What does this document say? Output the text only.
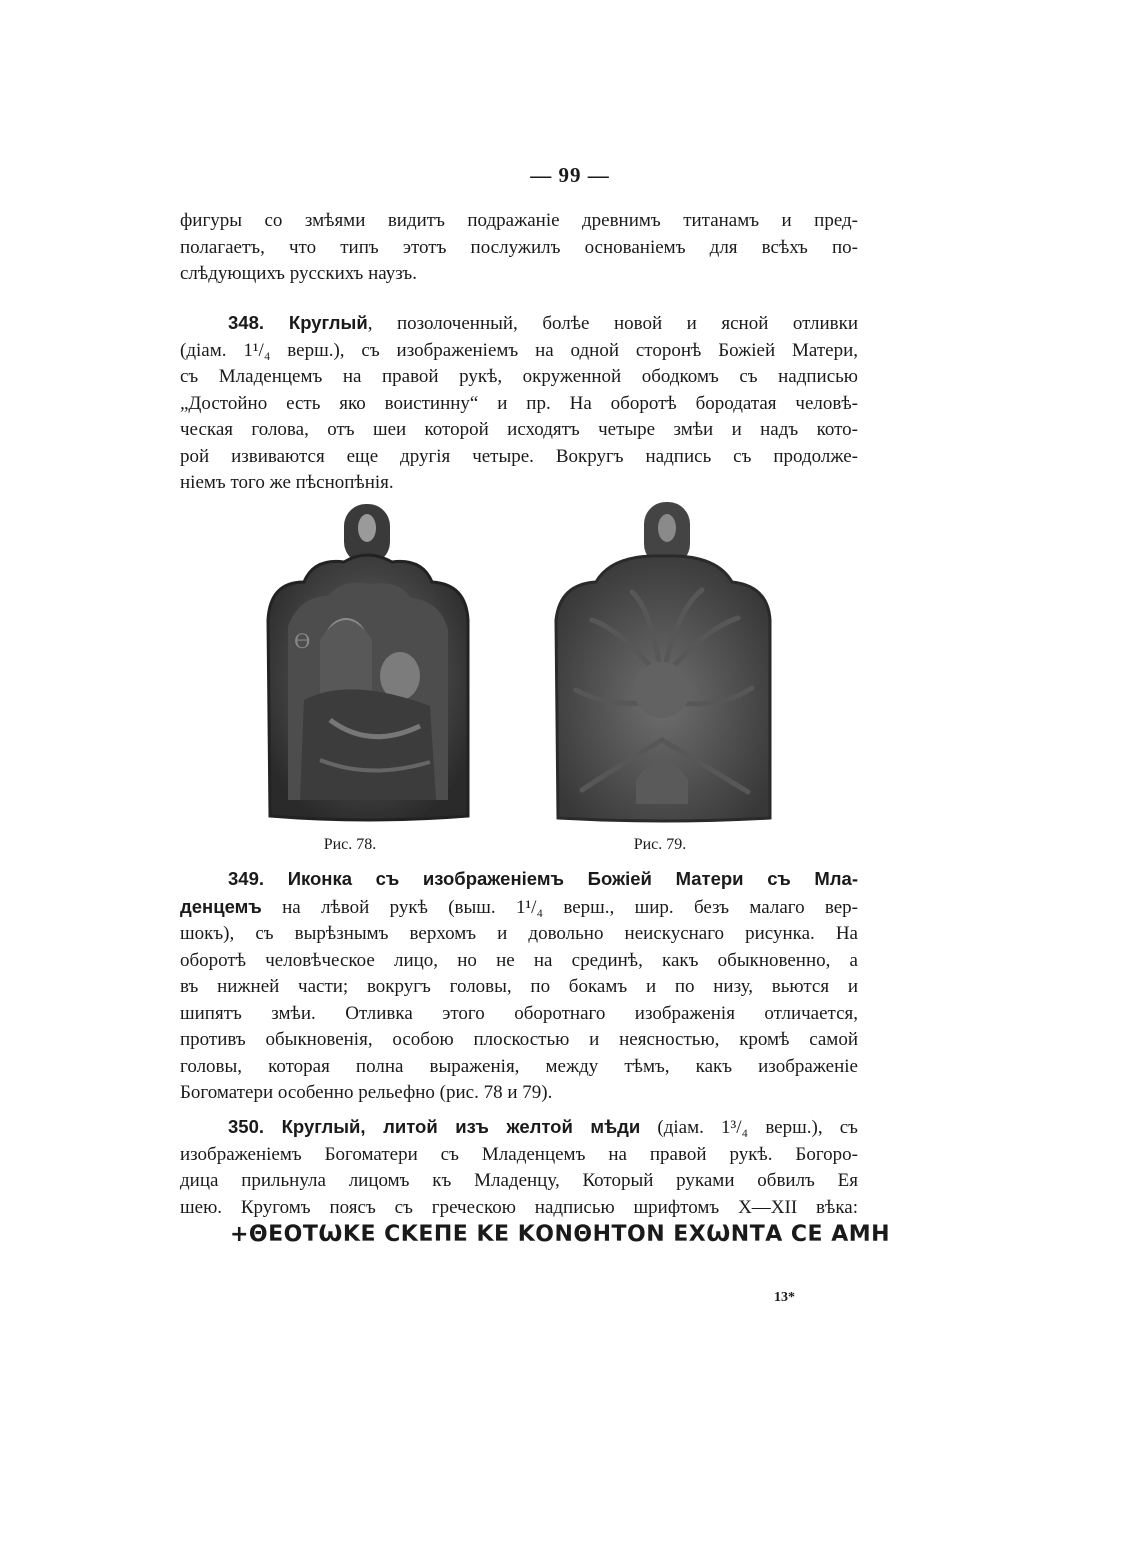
— 99 —
фигуры со змѣями видитъ подражаніе древнимъ титанамъ и пред-
полагаетъ, что типъ этотъ послужилъ основаніемъ для всѣхъ по-
слѣдующихъ русскихъ наузъ.
348. Круглый, позолоченный, болѣе новой и ясной отливки
(діам. 1¹/₄ верш.), съ изображеніемъ на одной сторонѣ Божіей Матери,
съ Младенцемъ на правой рукѣ, окруженной ободкомъ съ надписью
„Достойно есть яко воистинну“ и пр. На оборотѣ бородатая человѣ-
ческая голова, отъ шеи которой исходятъ четыре змѣи и надъ кото-
рой извиваются еще другія четыре. Вокругъ надпись съ продолже-
ніемъ того же пѣснопѣнія.
Ѳ
Рис. 78.	Рис. 79.
349. Иконка съ изображеніемъ Божіей Матери съ Мла-
денцемъ на лѣвой рукѣ (выш. 1¹/₄ верш., шир. безъ малаго вер-
шокъ), съ вырѣзнымъ верхомъ и довольно неискуснаго рисунка. На
оборотѣ человѣческое лицо, но не на срединѣ, какъ обыкновенно, а
въ нижней части; вокругъ головы, по бокамъ и по низу, вьются и
шипятъ змѣи. Отливка этого оборотнаго изображенія отличается,
противъ обыкновенія, особою плоскостью и неясностью, кромѣ самой
головы, которая полна выраженія, между тѣмъ, какъ изображеніе
Богоматери особенно рельефно (рис. 78 и 79).
350. Круглый, литой изъ желтой мѣди (діам. 1³/₄ верш.), съ
изображеніемъ Богоматери съ Младенцемъ на правой рукѣ. Богоро-
дица прильнула лицомъ къ Младенцу, Который руками обвилъ Ея
шею. Кругомъ поясъ съ греческою надписью шрифтомъ X—XII вѣка:
+ΘΕΟΤѠΚΕ СΚΕΠΕ ΚΕ ΚΟΝΘΗΤΟΝ ΕΧѠΝΤΑ СΕ ΑΜΗ
13*
